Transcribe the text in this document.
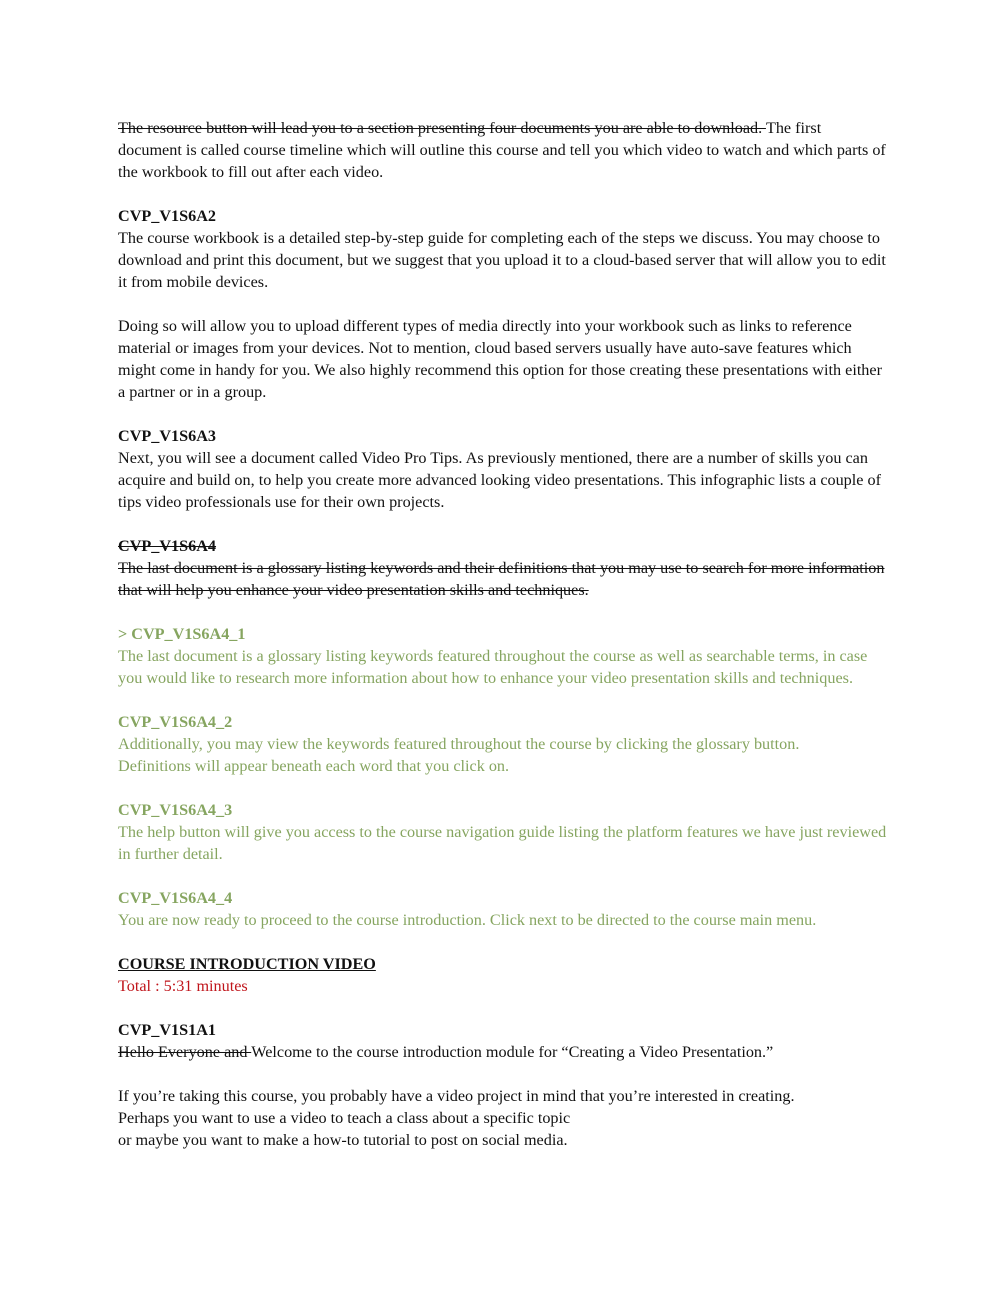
The resource button will lead you to a section presenting four documents you are able to download. The first document is called course timeline which will outline this course and tell you which video to watch and which parts of the workbook to fill out after each video.

CVP_V1S6A2

The course workbook is a detailed step-by-step guide for completing each of the steps we discuss. You may choose to download and print this document, but we suggest that you upload it to a cloud-based server that will allow you to edit it from mobile devices.

Doing so will allow you to upload different types of media directly into your workbook such as links to reference material or images from your devices. Not to mention, cloud based servers usually have auto-save features which might come in handy for you. We also highly recommend this option for those creating these presentations with either a partner or in a group.

CVP_V1S6A3

Next, you will see a document called Video Pro Tips. As previously mentioned, there are a number of skills you can acquire and build on, to help you create more advanced looking video presentations. This infographic lists a couple of tips video professionals use for their own projects.

CVP_V1S6A4

The last document is a glossary listing keywords and their definitions that you may use to search for more information that will help you enhance your video presentation skills and techniques.

> CVP_V1S6A4_1

The last document is a glossary listing keywords featured throughout the course as well as searchable terms, in case you would like to research more information about how to enhance your video presentation skills and techniques.

CVP_V1S6A4_2

Additionally, you may view the keywords featured throughout the course by clicking the glossary button.

Definitions will appear beneath each word that you click on.

CVP_V1S6A4_3

The help button will give you access to the course navigation guide listing the platform features we have just reviewed in further detail.

CVP_V1S6A4_4

You are now ready to proceed to the course introduction. Click next to be directed to the course main menu.

COURSE INTRODUCTION VIDEO

Total : 5:31 minutes

CVP_V1S1A1

Hello Everyone and Welcome to the course introduction module for “Creating a Video Presentation.”

If you’re taking this course, you probably have a video project in mind that you’re interested in creating.

Perhaps you want to use a video to teach a class about a specific topic

or maybe you want to make a how-to tutorial to post on social media.
